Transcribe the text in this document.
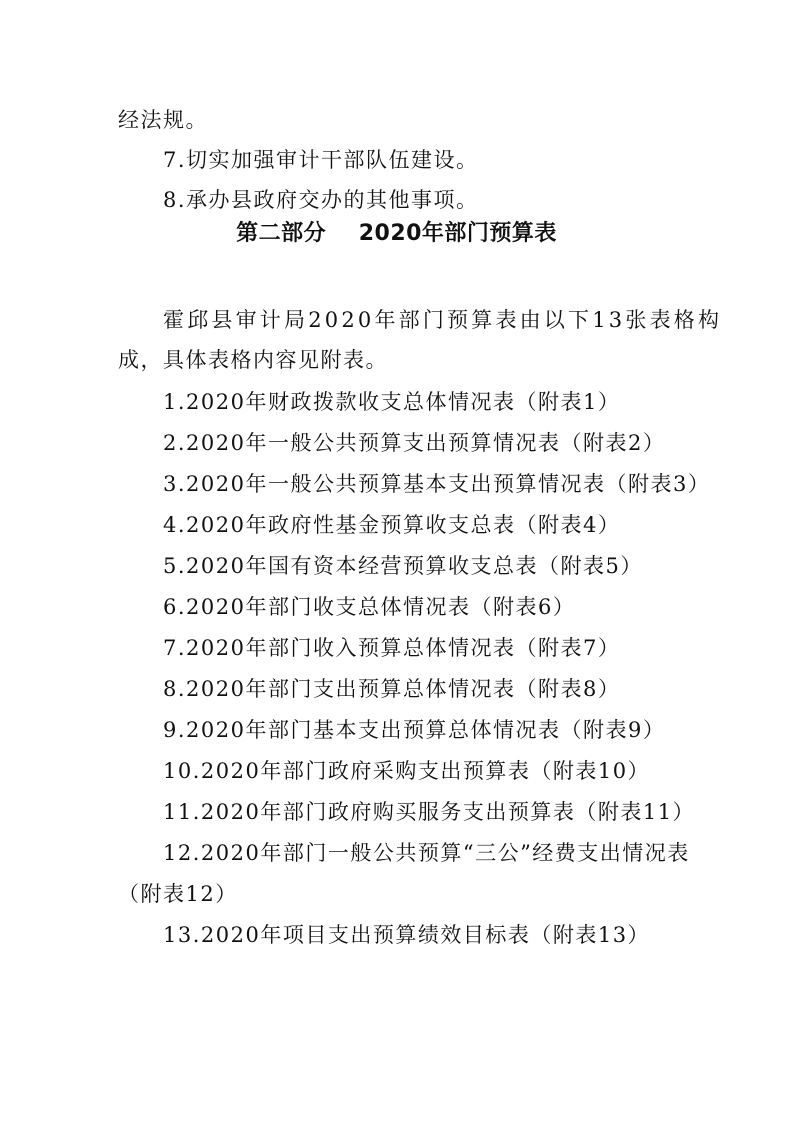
经法规。
7.切实加强审计干部队伍建设。
8.承办县政府交办的其他事项。
第二部分    2020年部门预算表
霍邱县审计局2020年部门预算表由以下13张表格构
成，具体表格内容见附表。
1.2020年财政拨款收支总体情况表（附表1）
2.2020年一般公共预算支出预算情况表（附表2）
3.2020年一般公共预算基本支出预算情况表（附表3）
4.2020年政府性基金预算收支总表（附表4）
5.2020年国有资本经营预算收支总表（附表5）
6.2020年部门收支总体情况表（附表6）
7.2020年部门收入预算总体情况表（附表7）
8.2020年部门支出预算总体情况表（附表8）
9.2020年部门基本支出预算总体情况表（附表9）
10.2020年部门政府采购支出预算表（附表10）
11.2020年部门政府购买服务支出预算表（附表11）
12.2020年部门一般公共预算“三公”经费支出情况表
（附表12）
13.2020年项目支出预算绩效目标表（附表13）
